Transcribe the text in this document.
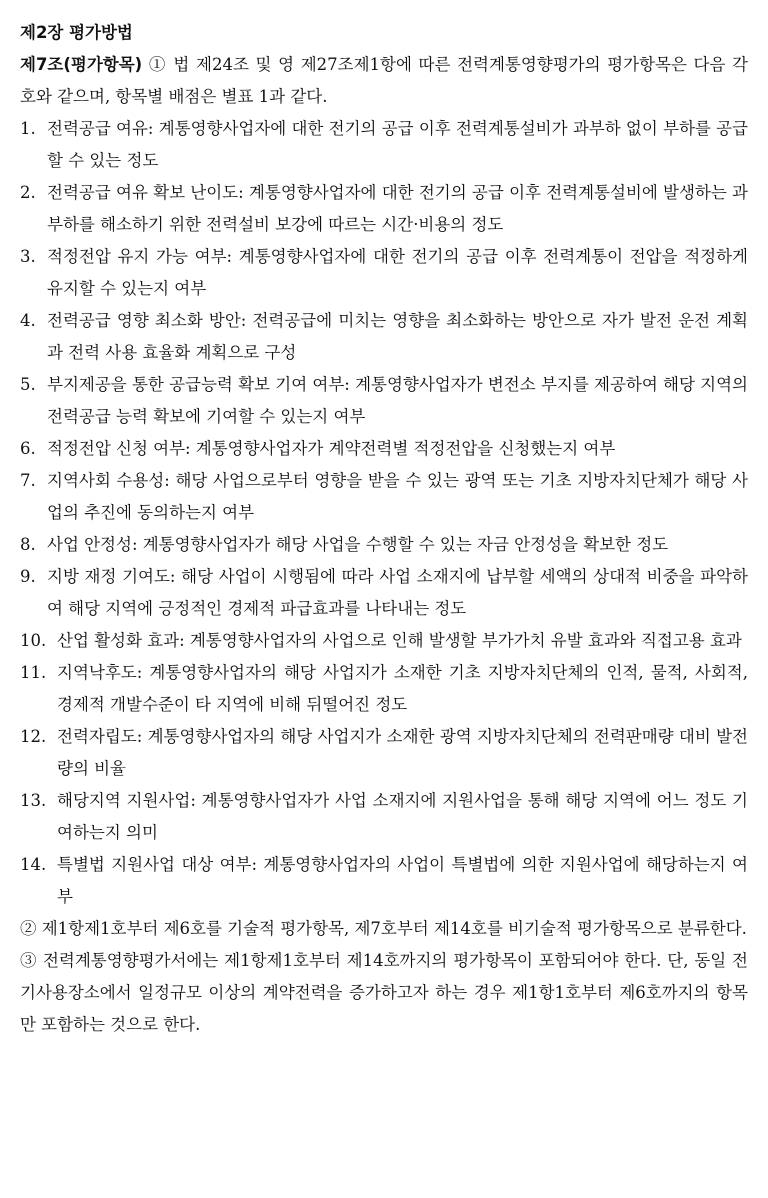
제2장 평가방법

제7조(평가항목) ① 법 제24조 및 영 제27조제1항에 따른 전력계통영향평가의 평가항목은 다음 각 호와 같으며, 항목별 배점은 별표 1과 같다.

1. 전력공급 여유: 계통영향사업자에 대한 전기의 공급 이후 전력계통설비가 과부하 없이 부하를 공급할 수 있는 정도
2. 전력공급 여유 확보 난이도: 계통영향사업자에 대한 전기의 공급 이후 전력계통설비에 발생하는 과부하를 해소하기 위한 전력설비 보강에 따르는 시간·비용의 정도
3. 적정전압 유지 가능 여부: 계통영향사업자에 대한 전기의 공급 이후 전력계통이 전압을 적정하게 유지할 수 있는지 여부
4. 전력공급 영향 최소화 방안: 전력공급에 미치는 영향을 최소화하는 방안으로 자가 발전 운전 계획과 전력 사용 효율화 계획으로 구성
5. 부지제공을 통한 공급능력 확보 기여 여부: 계통영향사업자가 변전소 부지를 제공하여 해당 지역의 전력공급 능력 확보에 기여할 수 있는지 여부
6. 적정전압 신청 여부: 계통영향사업자가 계약전력별 적정전압을 신청했는지 여부
7. 지역사회 수용성: 해당 사업으로부터 영향을 받을 수 있는 광역 또는 기초 지방자치단체가 해당 사업의 추진에 동의하는지 여부
8. 사업 안정성: 계통영향사업자가 해당 사업을 수행할 수 있는 자금 안정성을 확보한 정도
9. 지방 재정 기여도: 해당 사업이 시행됨에 따라 사업 소재지에 납부할 세액의 상대적 비중을 파악하여 해당 지역에 긍정적인 경제적 파급효과를 나타내는 정도
10. 산업 활성화 효과: 계통영향사업자의 사업으로 인해 발생할 부가가치 유발 효과와 직접고용 효과
11. 지역낙후도: 계통영향사업자의 해당 사업지가 소재한 기초 지방자치단체의 인적, 물적, 사회적, 경제적 개발수준이 타 지역에 비해 뒤떨어진 정도
12. 전력자립도: 계통영향사업자의 해당 사업지가 소재한 광역 지방자치단체의 전력판매량 대비 발전량의 비율
13. 해당지역 지원사업: 계통영향사업자가 사업 소재지에 지원사업을 통해 해당 지역에 어느 정도 기여하는지 의미
14. 특별법 지원사업 대상 여부: 계통영향사업자의 사업이 특별법에 의한 지원사업에 해당하는지 여부

② 제1항제1호부터 제6호를 기술적 평가항목, 제7호부터 제14호를 비기술적 평가항목으로 분류한다.

③ 전력계통영향평가서에는 제1항제1호부터 제14호까지의 평가항목이 포함되어야 한다. 단, 동일 전기사용장소에서 일정규모 이상의 계약전력을 증가하고자 하는 경우 제1항1호부터 제6호까지의 항목만 포함하는 것으로 한다.
